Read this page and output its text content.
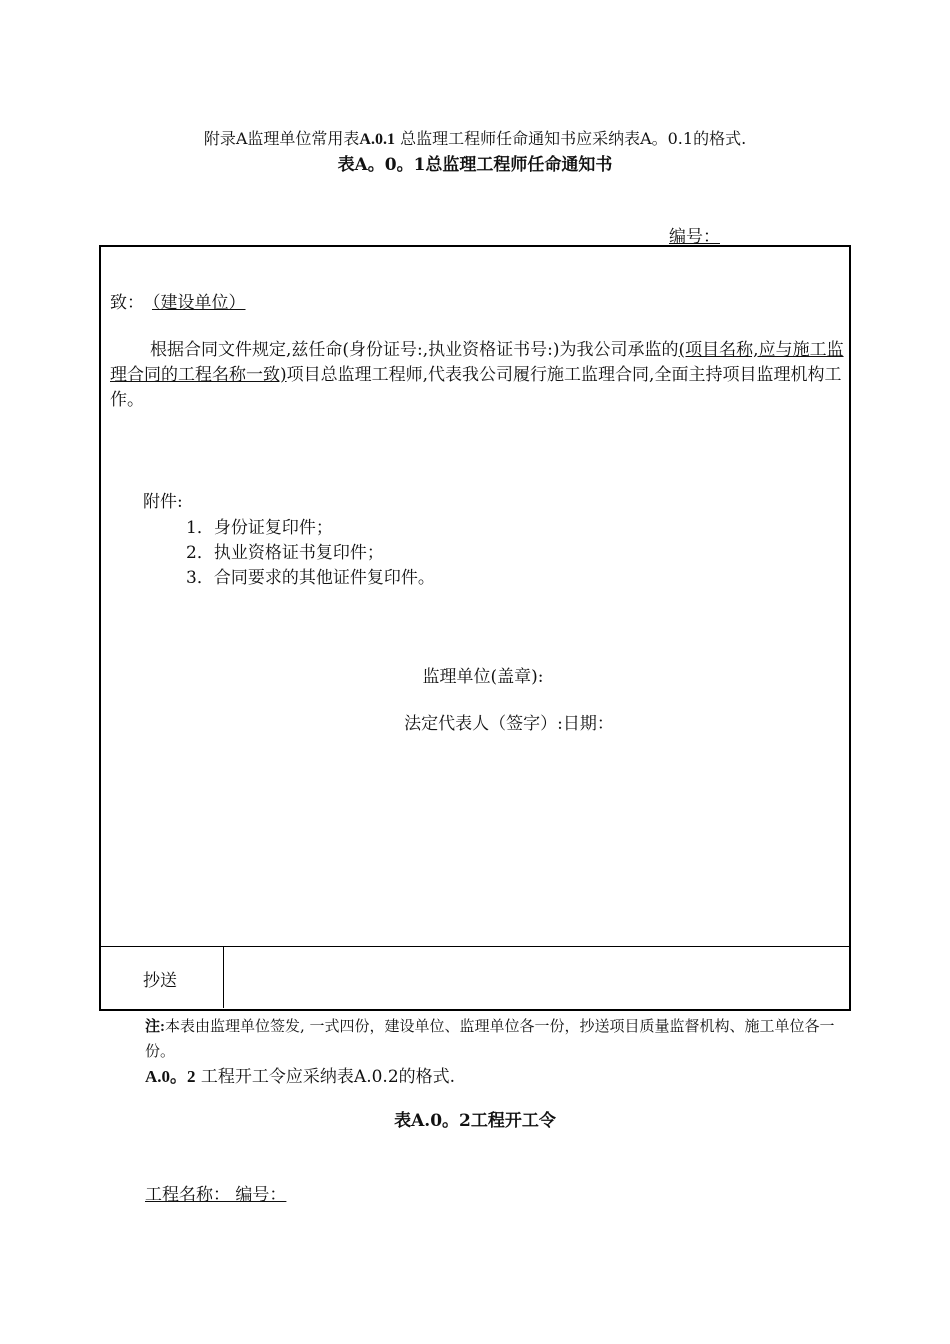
附录A监理单位常用表A.0.1 总监理工程师任命通知书应采纳表A。0.1的格式.
表A。0。1总监理工程师任命通知书
编号：
致： （建设单位）
根据合同文件规定,兹任命(身份证号:,执业资格证书号:)为我公司承监的(项目名称,应与施工监理合同的工程名称一致)项目总监理工程师,代表我公司履行施工监理合同,全面主持项目监理机构工作。
附件:
1．身份证复印件；
2．执业资格证书复印件；
3．合同要求的其他证件复印件。
监理单位(盖章):
法定代表人（签字）:日期：
抄送
注:本表由监理单位签发, 一式四份，建设单位、监理单位各一份，抄送项目质量监督机构、施工单位各一份。
A.0。2 工程开工令应采纳表A.0.2的格式.
表A.0。2工程开工令
工程名称： 编号：
